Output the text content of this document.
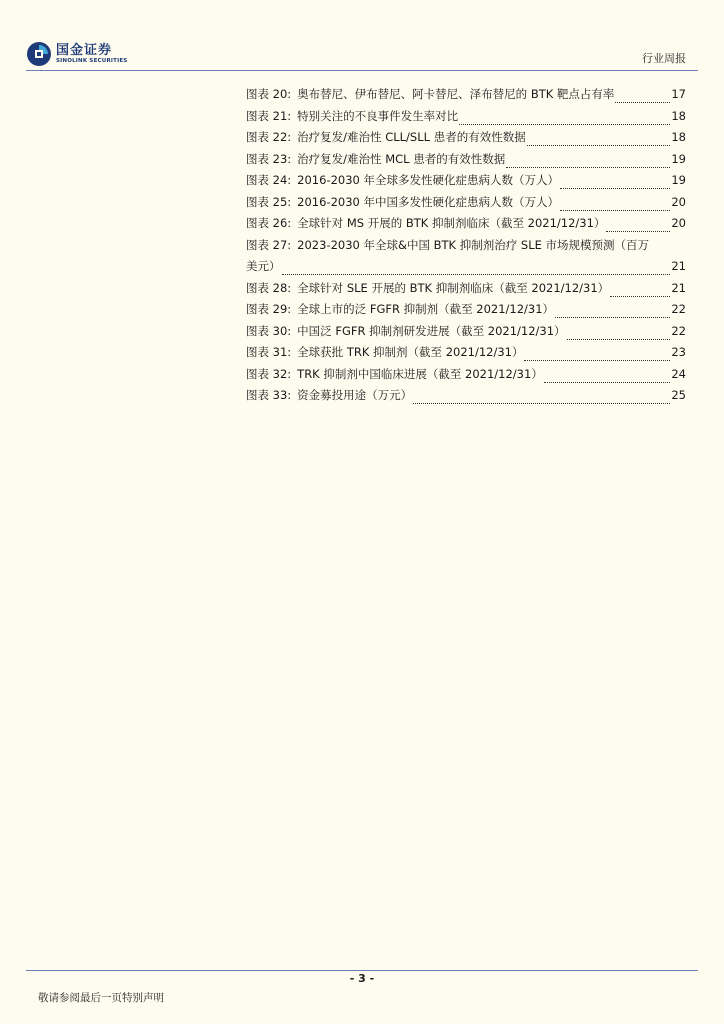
国金证券
SINOLINK SECURITIES	行业周报
图表 20: 奥布替尼、伊布替尼、阿卡替尼、泽布替尼的 BTK 靶点占有率	17
图表 21: 特别关注的不良事件发生率对比	18
图表 22: 治疗复发/难治性 CLL/SLL 患者的有效性数据	18
图表 23: 治疗复发/难治性 MCL 患者的有效性数据	19
图表 24: 2016-2030 年全球多发性硬化症患病人数（万人）	19
图表 25: 2016-2030 年中国多发性硬化症患病人数（万人）	20
图表 26: 全球针对 MS 开展的 BTK 抑制剂临床（截至 2021/12/31）	20
图表 27: 2023-2030 年全球&中国 BTK 抑制剂治疗 SLE 市场规模预测（百万
美元）	21
图表 28: 全球针对 SLE 开展的 BTK 抑制剂临床（截至 2021/12/31）	21
图表 29: 全球上市的泛 FGFR 抑制剂（截至 2021/12/31）	22
图表 30: 中国泛 FGFR 抑制剂研发进展（截至 2021/12/31）	22
图表 31: 全球获批 TRK 抑制剂（截至 2021/12/31）	23
图表 32: TRK 抑制剂中国临床进展（截至 2021/12/31）	24
图表 33: 资金募投用途（万元）	25
- 3 -
敬请参阅最后一页特别声明
